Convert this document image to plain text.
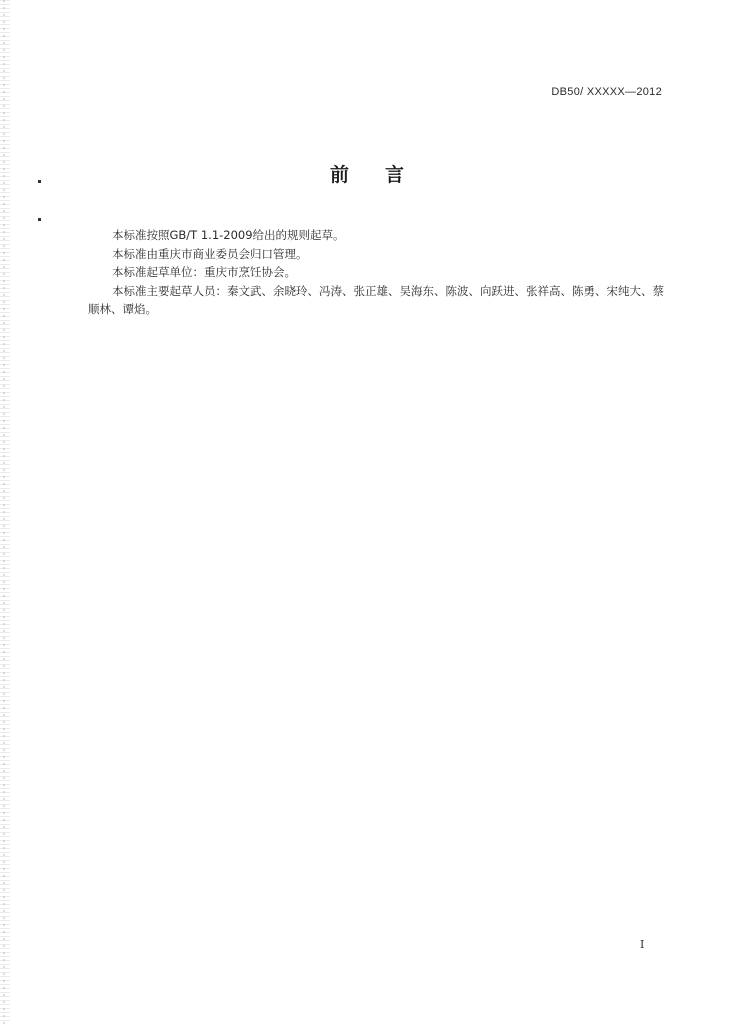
DB50/ XXXXX—2012
前言

本标准按照GB/T 1.1-2009给出的规则起草。

本标准由重庆市商业委员会归口管理。

本标准起草单位：重庆市烹饪协会。

本标准主要起草人员：秦文武、余晓玲、冯涛、张正雄、吴海东、陈波、向跃进、张祥高、陈勇、宋纯大、蔡顺林、谭焰。

I
